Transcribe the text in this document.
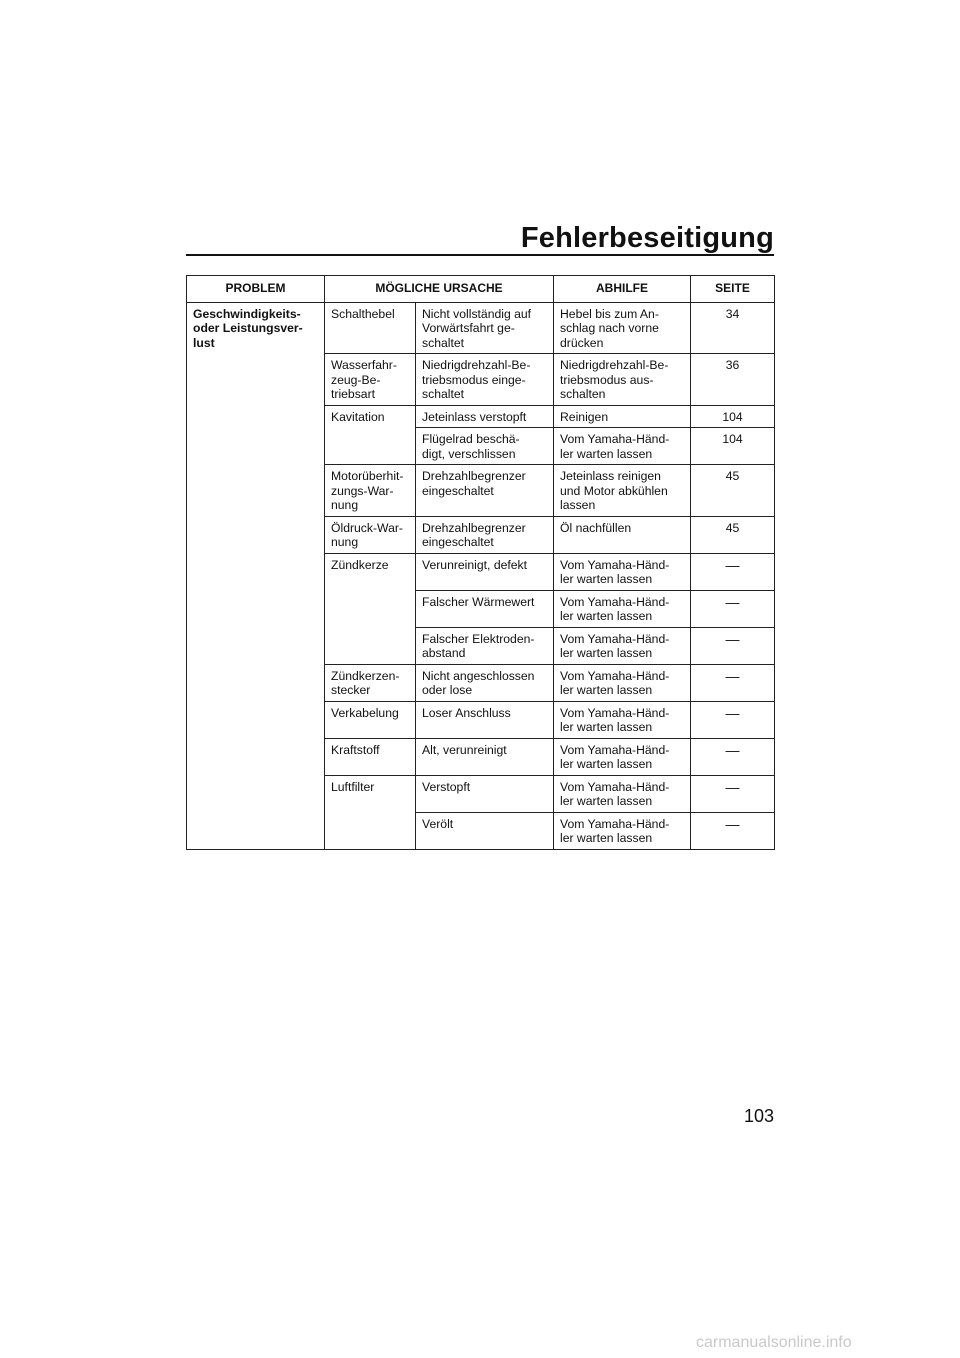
Fehlerbeseitigung
PROBLEM	MÖGLICHE URSACHE		ABHILFE	SEITE

Geschwindigkeits-
oder Leistungsver-
lust	Schalthebel	Nicht vollständig auf
Vorwärtsfahrt ge-
schaltet	Hebel bis zum An-
schlag nach vorne
drücken	34

	Wasserfahr-
zeug-Be-
triebsart	Niedrigdrehzahl-Be-
triebsmodus einge-
schaltet	Niedrigdrehzahl-Be-
triebsmodus aus-
schalten	36

	Kavitation	Jeteinlass verstopft	Reinigen	104

		Flügelrad beschä-
digt, verschlissen	Vom Yamaha-Händ-
ler warten lassen	104

	Motorüberhit-
zungs-War-
nung	Drehzahlbegrenzer
eingeschaltet	Jeteinlass reinigen
und Motor abkühlen
lassen	45

	Öldruck-War-
nung	Drehzahlbegrenzer
eingeschaltet	Öl nachfüllen	45

	Zündkerze	Verunreinigt, defekt	Vom Yamaha-Händ-
ler warten lassen	—

		Falscher Wärmewert	Vom Yamaha-Händ-
ler warten lassen	—

		Falscher Elektroden-
abstand	Vom Yamaha-Händ-
ler warten lassen	—

	Zündkerzen-
stecker	Nicht angeschlossen
oder lose	Vom Yamaha-Händ-
ler warten lassen	—

	Verkabelung	Loser Anschluss	Vom Yamaha-Händ-
ler warten lassen	—

	Kraftstoff	Alt, verunreinigt	Vom Yamaha-Händ-
ler warten lassen	—

	Luftfilter	Verstopft	Vom Yamaha-Händ-
ler warten lassen	—

		Verölt	Vom Yamaha-Händ-
ler warten lassen	—
103
carmanualsonline.info
